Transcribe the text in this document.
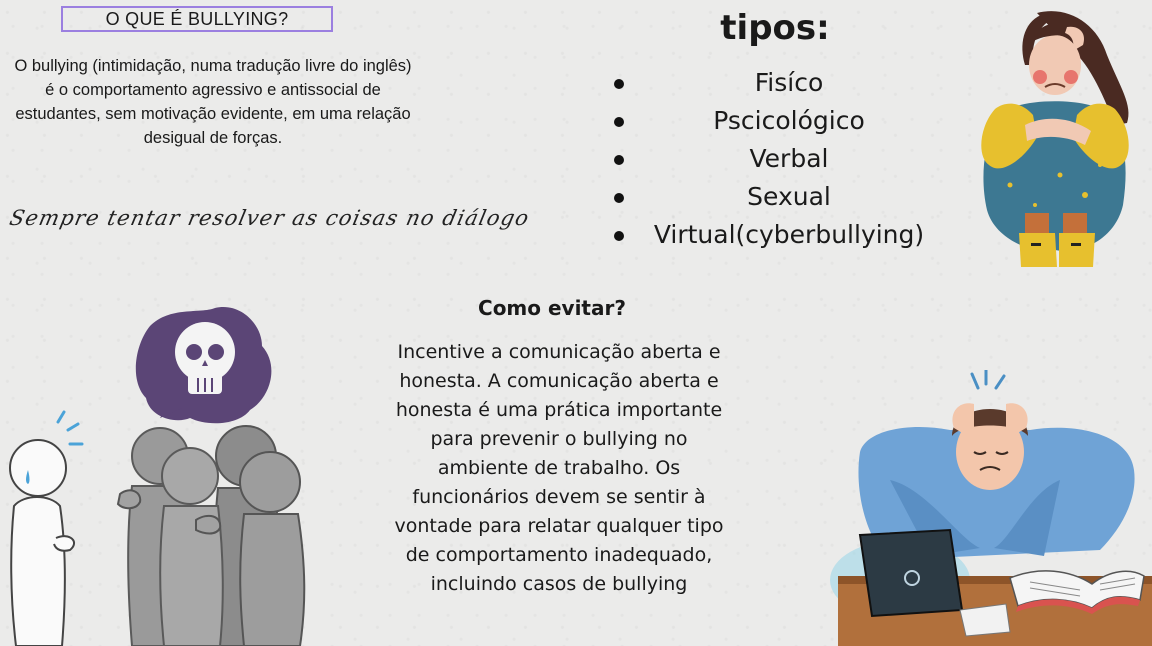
O QUE É BULLYING?
O bullying (intimidação, numa tradução livre do inglês) é o comportamento agressivo e antissocial de estudantes, sem motivação evidente, em uma relação desigual de forças.
Sempre tentar resolver as coisas no diálogo
tipos:
Fisíco
Pscicológico
Verbal
Sexual
Virtual(cyberbullying)
Como evitar?
Incentive a comunicação aberta e honesta. A comunicação aberta e honesta é uma prática importante para prevenir o bullying no ambiente de trabalho. Os funcionários devem se sentir à vontade para relatar qualquer tipo de comportamento inadequado, incluindo casos de bullying
